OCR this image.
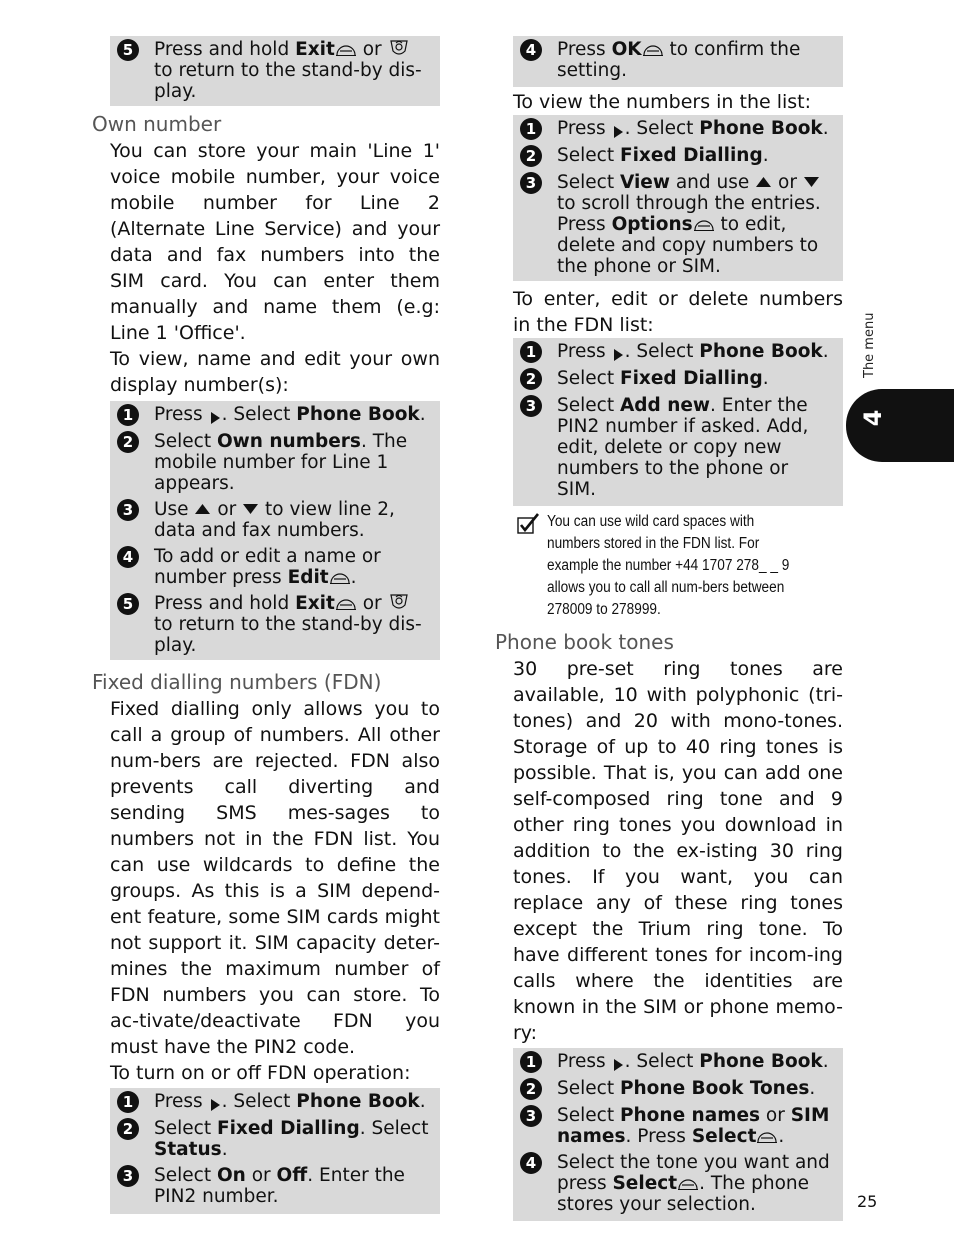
5	Press and hold Exit or  to return to the stand-by dis-play.
Own number
You can store your main 'Line 1' voice mobile number, your voice mobile number for Line 2 (Alternate Line Service) and your data and fax numbers into the SIM card. You can enter them manually and name them (e.g: Line 1 'Office'.
To view, name and edit your own display number(s):
1	Press . Select Phone Book.
2	Select Own numbers. The mobile number for Line 1 appears.
3	Use  or  to view line 2, data and fax numbers.
4	To add or edit a name or number press Edit .
5	Press and hold Exit or  to return to the stand-by dis-play.
Fixed dialling numbers (FDN)
Fixed dialling only allows you to call a group of numbers. All other num-bers are rejected. FDN also prevents call diverting and sending SMS mes-sages to numbers not in the FDN list. You can use wildcards to define the groups. As this is a SIM depend-ent feature, some SIM cards might not support it. SIM capacity deter-mines the maximum number of FDN numbers you can store. To ac-tivate/deactivate FDN you must have the PIN2 code.
To turn on or off FDN operation:
1	Press . Select Phone Book.
2	Select Fixed Dialling. Select Status.
3	Select On or Off. Enter the PIN2 number.
4	Press OK to confirm the setting.
To view the numbers in the list:
1	Press . Select Phone Book.
2	Select Fixed Dialling.
3	Select View and use  or  to scroll through the entries. Press Options to edit, delete and copy numbers to the phone or SIM.
To enter, edit or delete numbers in the FDN list:
1	Press . Select Phone Book.
2	Select Fixed Dialling.
3	Select Add new. Enter the PIN2 number if asked. Add, edit, delete or copy new numbers to the phone or SIM.
You can use wild card spaces with numbers stored in the FDN list. For example the number +44 1707 278_ _ 9 allows you to call all num-bers between 278009 to 278999.
Phone book tones
30 pre-set ring tones are available, 10 with polyphonic (tri-tones) and 20 with mono-tones. Storage of up to 40 ring tones is possible. That is, you can add one self-composed ring tone and 9 other ring tones you download in addition to the ex-isting 30 ring tones. If you want, you can replace any of these ring tones except the Trium ring tone. To have different tones for incom-ing calls where the identities are known in the SIM or phone memo-ry:
1	Press . Select Phone Book.
2	Select Phone Book Tones.
3	Select Phone names or SIM names. Press Select .
4	Select the tone you want and press Select . The phone stores your selection.
The menu
4
25
